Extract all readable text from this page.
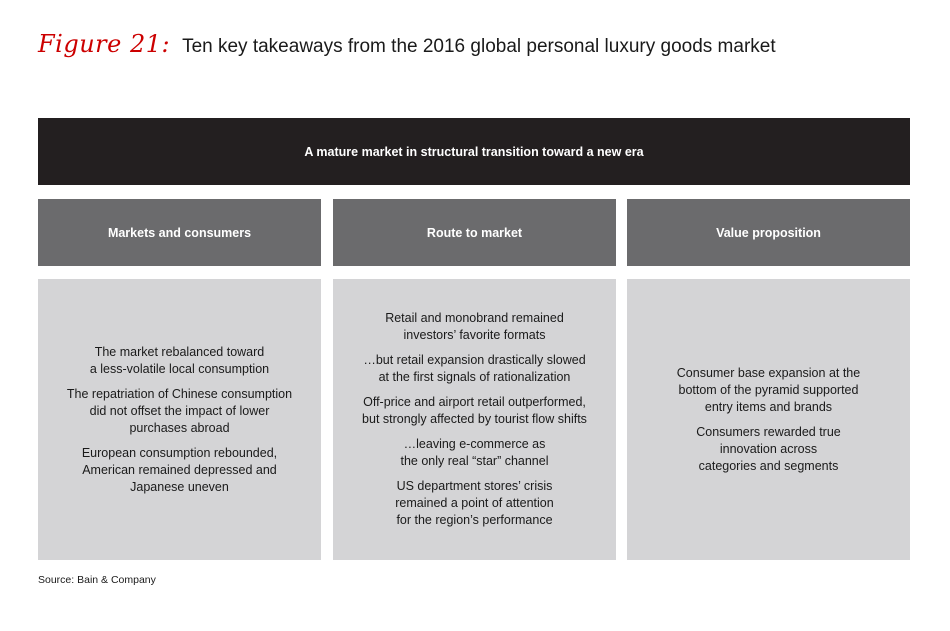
Figure 21: Ten key takeaways from the 2016 global personal luxury goods market
A mature market in structural transition toward a new era
Markets and consumers	Route to market	Value proposition

The market rebalanced toward
a less-volatile local consumption

The repatriation of Chinese consumption
did not offset the impact of lower
purchases abroad

European consumption rebounded,
American remained depressed and
Japanese uneven

Retail and monobrand remained
investors’ favorite formats

…but retail expansion drastically slowed
at the first signals of rationalization

Off-price and airport retail outperformed,
but strongly affected by tourist flow shifts

…leaving e-commerce as
the only real “star” channel

US department stores’ crisis
remained a point of attention
for the region’s performance

Consumer base expansion at the
bottom of the pyramid supported
entry items and brands

Consumers rewarded true
innovation across
categories and segments

Source: Bain & Company
